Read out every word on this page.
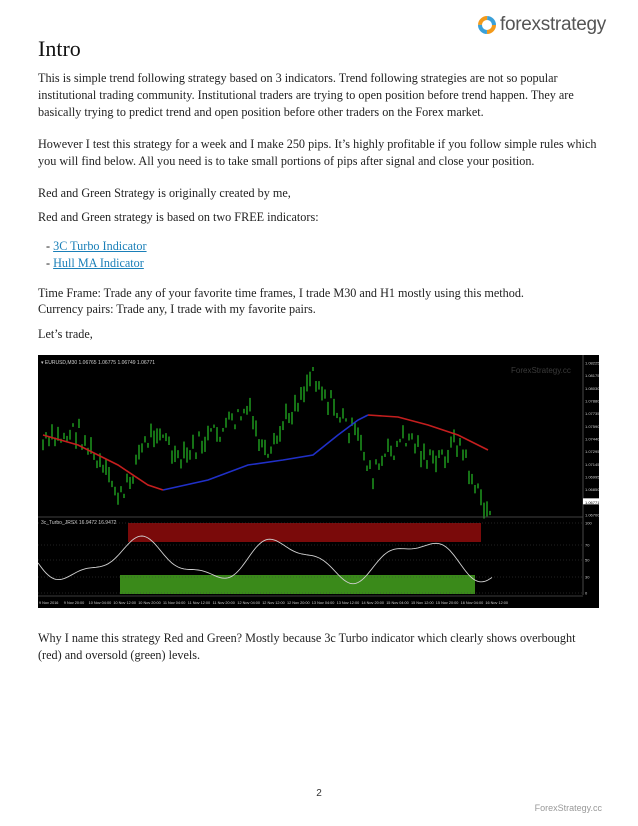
forexstrategy
Intro

This is simple trend following strategy based on 3 indicators. Trend following strategies are not so popular institutional trading community. Institutional traders are trying to open position before trend happen. They are basically trying to predict trend and open position before other traders on the Forex market.

However I test this strategy for a week and I make 250 pips. It’s highly profitable if you follow simple rules which you will find below. All you need is to take small portions of pips after signal and close your position.

Red and Green Strategy is originally created by me,

Red and Green strategy is based on two FREE indicators:

- 3C Turbo Indicator
- Hull MA Indicator

Time Frame: Trade any of your favorite time frames, I trade M30 and H1 mostly using this method.

Currency pairs: Trade any, I trade with my favorite pairs.

Let’s trade,

▾ EURUSD,M30 1.06765 1.06775 1.06749 1.06771
ForexStrategy.cc
1.08225
1.08175
1.08030
1.07880
1.07735
1.07590
1.07440
1.07295
1.07145
1.06995
1.06850
1.06771
1.06700
3c_Turbo_JRSX 16.9472 16.9472	100
70
50
30
0
9 Nov 2016 9 Nov 20:00 10 Nov 04:00 10 Nov 12:00 10 Nov 20:00 11 Nov 04:00 11 Nov 12:00 11 Nov 20:00 12 Nov 04:00 12 Nov 12:00 12 Nov 20:00 13 Nov 04:00 13 Nov 12:00 14 Nov 20:00 15 Nov 04:00 15 Nov 12:00 15 Nov 20:00 16 Nov 04:00 16 Nov 12:00

Why I name this strategy Red and Green? Mostly because 3c Turbo indicator which clearly shows overbought (red) and oversold (green) levels.

2
ForexStrategy.cc
